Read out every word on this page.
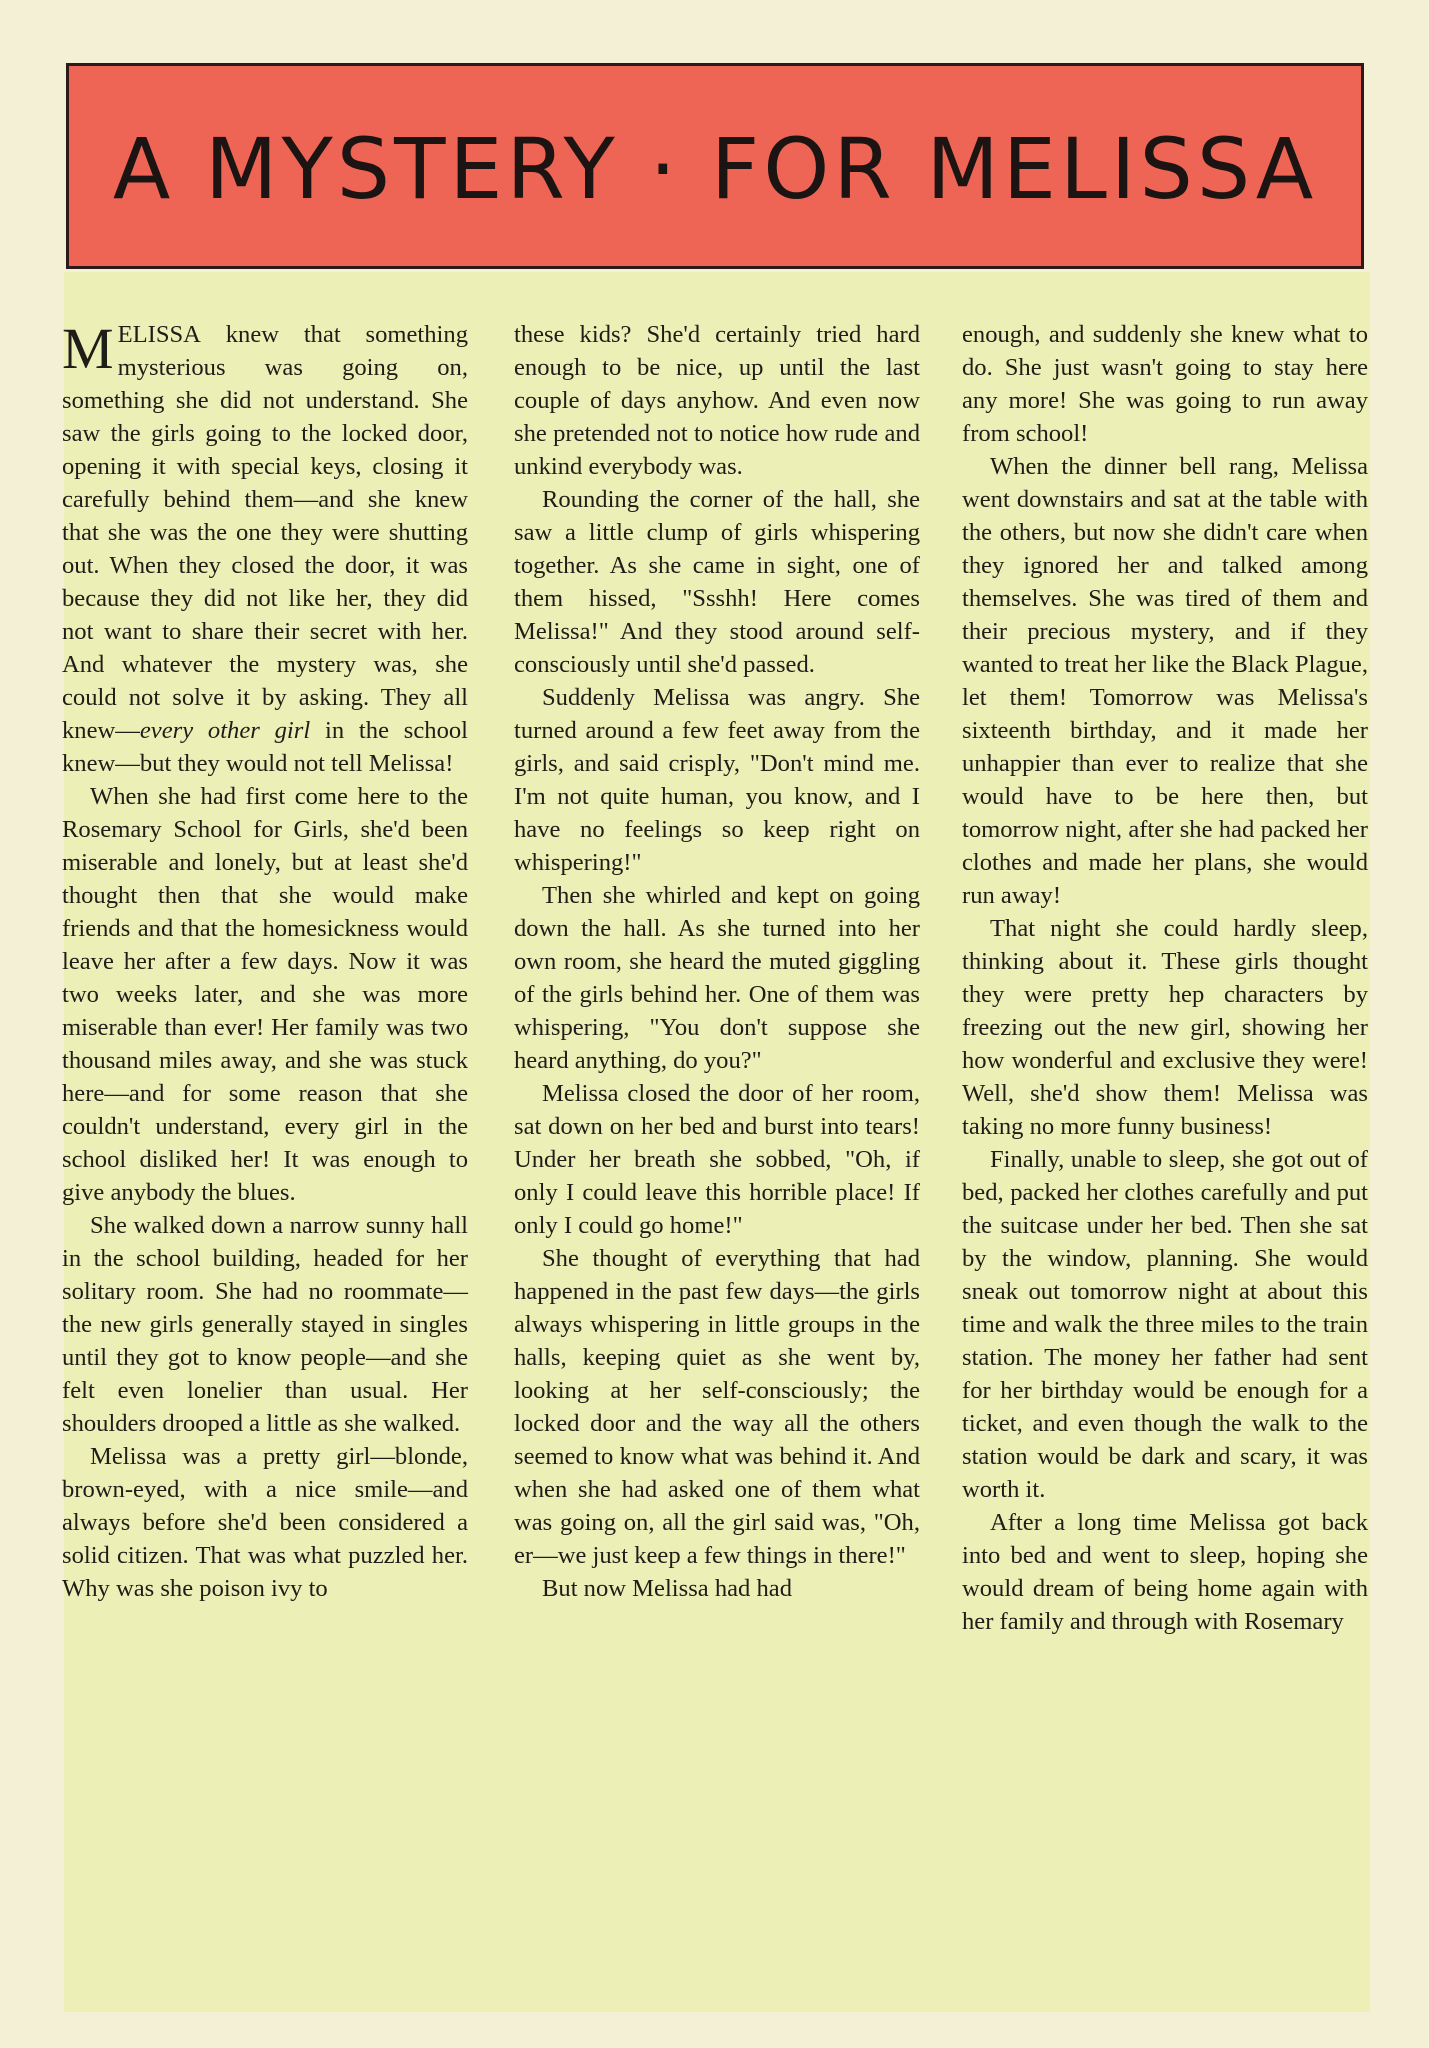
A MYSTERY · FOR MELISSA

MELISSA knew that something mysterious was going on, something she did not understand. She saw the girls going to the locked door, opening it with special keys, closing it carefully behind them—and she knew that she was the one they were shutting out. When they closed the door, it was because they did not like her, they did not want to share their secret with her. And whatever the mystery was, she could not solve it by asking. They all knew—every other girl in the school knew—but they would not tell Melissa!

When she had first come here to the Rosemary School for Girls, she'd been miserable and lonely, but at least she'd thought then that she would make friends and that the homesickness would leave her after a few days. Now it was two weeks later, and she was more miserable than ever! Her family was two thousand miles away, and she was stuck here—and for some reason that she couldn't understand, every girl in the school disliked her! It was enough to give anybody the blues.

She walked down a narrow sunny hall in the school building, headed for her solitary room. She had no roommate—the new girls generally stayed in singles until they got to know people—and she felt even lonelier than usual. Her shoulders drooped a little as she walked.

Melissa was a pretty girl—blonde, brown-eyed, with a nice smile—and always before she'd been considered a solid citizen. That was what puzzled her. Why was she poison ivy to

these kids? She'd certainly tried hard enough to be nice, up until the last couple of days anyhow. And even now she pretended not to notice how rude and unkind everybody was.

Rounding the corner of the hall, she saw a little clump of girls whispering together. As she came in sight, one of them hissed, "Ssshh! Here comes Melissa!" And they stood around self-consciously until she'd passed.

Suddenly Melissa was angry. She turned around a few feet away from the girls, and said crisply, "Don't mind me. I'm not quite human, you know, and I have no feelings so keep right on whispering!"

Then she whirled and kept on going down the hall. As she turned into her own room, she heard the muted giggling of the girls behind her. One of them was whispering, "You don't suppose she heard anything, do you?"

Melissa closed the door of her room, sat down on her bed and burst into tears! Under her breath she sobbed, "Oh, if only I could leave this horrible place! If only I could go home!"

She thought of everything that had happened in the past few days—the girls always whispering in little groups in the halls, keeping quiet as she went by, looking at her self-consciously; the locked door and the way all the others seemed to know what was behind it. And when she had asked one of them what was going on, all the girl said was, "Oh, er—we just keep a few things in there!"

But now Melissa had had

enough, and suddenly she knew what to do. She just wasn't going to stay here any more! She was going to run away from school!

When the dinner bell rang, Melissa went downstairs and sat at the table with the others, but now she didn't care when they ignored her and talked among themselves. She was tired of them and their precious mystery, and if they wanted to treat her like the Black Plague, let them! Tomorrow was Melissa's sixteenth birthday, and it made her unhappier than ever to realize that she would have to be here then, but tomorrow night, after she had packed her clothes and made her plans, she would run away!

That night she could hardly sleep, thinking about it. These girls thought they were pretty hep characters by freezing out the new girl, showing her how wonderful and exclusive they were! Well, she'd show them! Melissa was taking no more funny business!

Finally, unable to sleep, she got out of bed, packed her clothes carefully and put the suitcase under her bed. Then she sat by the window, planning. She would sneak out tomorrow night at about this time and walk the three miles to the train station. The money her father had sent for her birthday would be enough for a ticket, and even though the walk to the station would be dark and scary, it was worth it.

After a long time Melissa got back into bed and went to sleep, hoping she would dream of being home again with her family and through with Rosemary
